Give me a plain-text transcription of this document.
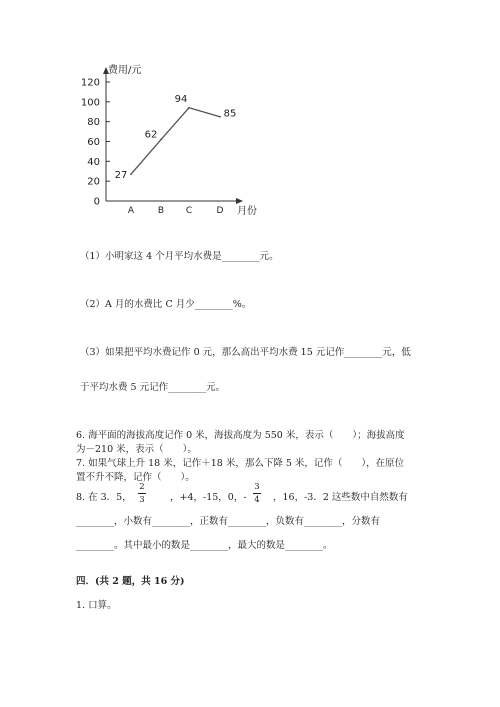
0
20
40
60
80
100
120
费用/元
A	B C	D 月份
27
62
94
85
（1）小明家这 4 个月平均水费是________元。
（2）A 月的水费比 C 月少________%。
（3）如果把平均水费记作 0 元，那么高出平均水费 15 元记作________元，低
于平均水费 5 元记作________元。
6. 海平面的海拔高度记作 0 米，海拔高度为 550 米，表示（　　）；海拔高度
为－210 米，表示（　　）。
7. 如果气球上升 18 米，记作＋18 米，那么下降 5 米，记作（　　），在原位
置不升不降，记作（　　）。
8. 在 3．5，
2
3	，+4，-15，0，-
3
4 ，16，-3．2 这些数中自然数有
________，小数有________，正数有________，负数有________，分数有
________。其中最小的数是________，最大的数是________。
四．(共 2 题，共 16 分)
1. 口算。
